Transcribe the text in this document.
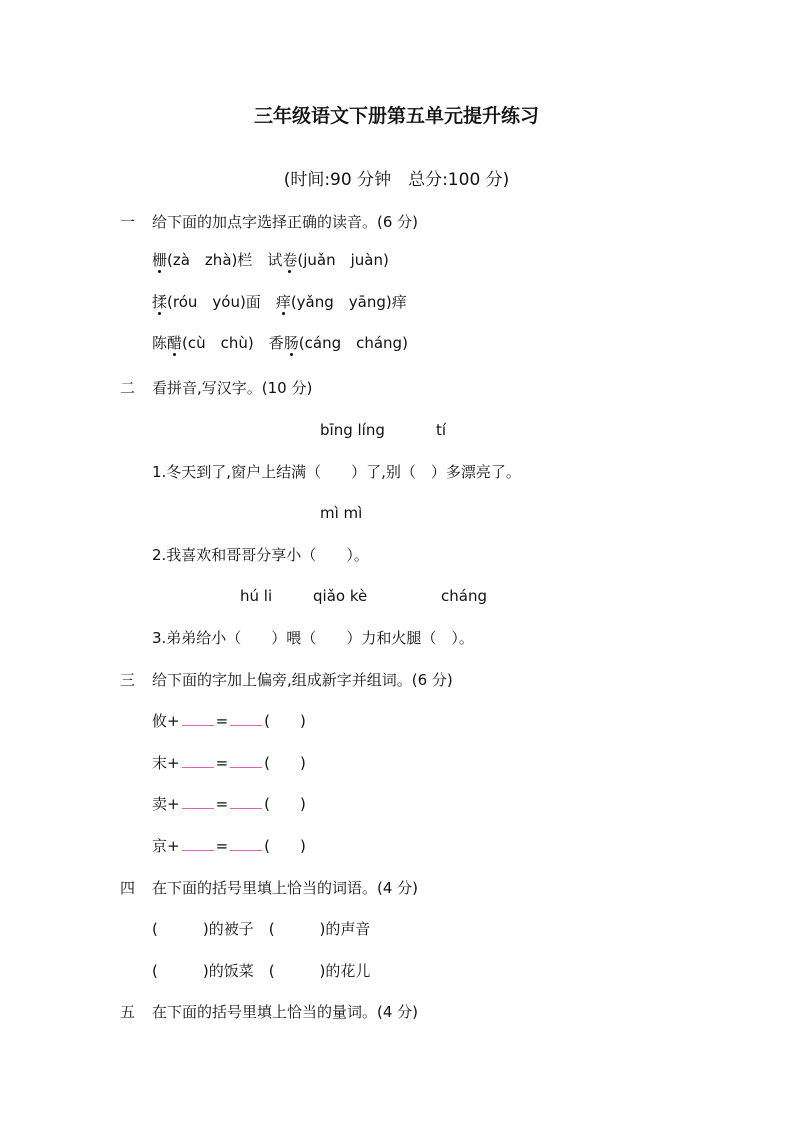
三年级语文下册第五单元提升练习
(时间:90 分钟　总分:100 分)
一 给下面的加点字选择正确的读音。(6 分)
栅(zà　zhà)栏　试卷(juǎn　juàn)
揉(róu　yóu)面　痒(yǎng　yāng)痒
陈醋(cù　chù)　香肠(cáng　cháng)
二 看拼音,写汉字。(10 分)
bīng líng	tí
1.冬天到了,窗户上结满（　　）了,别（　）多漂亮了。
mì mì
2.我喜欢和哥哥分享小（　　）。
hú li	qiǎo kè	cháng
3.弟弟给小（　　）喂（　　）力和火腿（　）。
三 给下面的字加上偏旁,组成新字并组词。(6 分)
攸+ = (　　)
末+ = (　　)
卖+ = (　　)
京+ = (　　)
四 在下面的括号里填上恰当的词语。(4 分)
(　　　)的被子　(　　　)的声音
(　　　)的饭菜　(　　　)的花儿
五 在下面的括号里填上恰当的量词。(4 分)
